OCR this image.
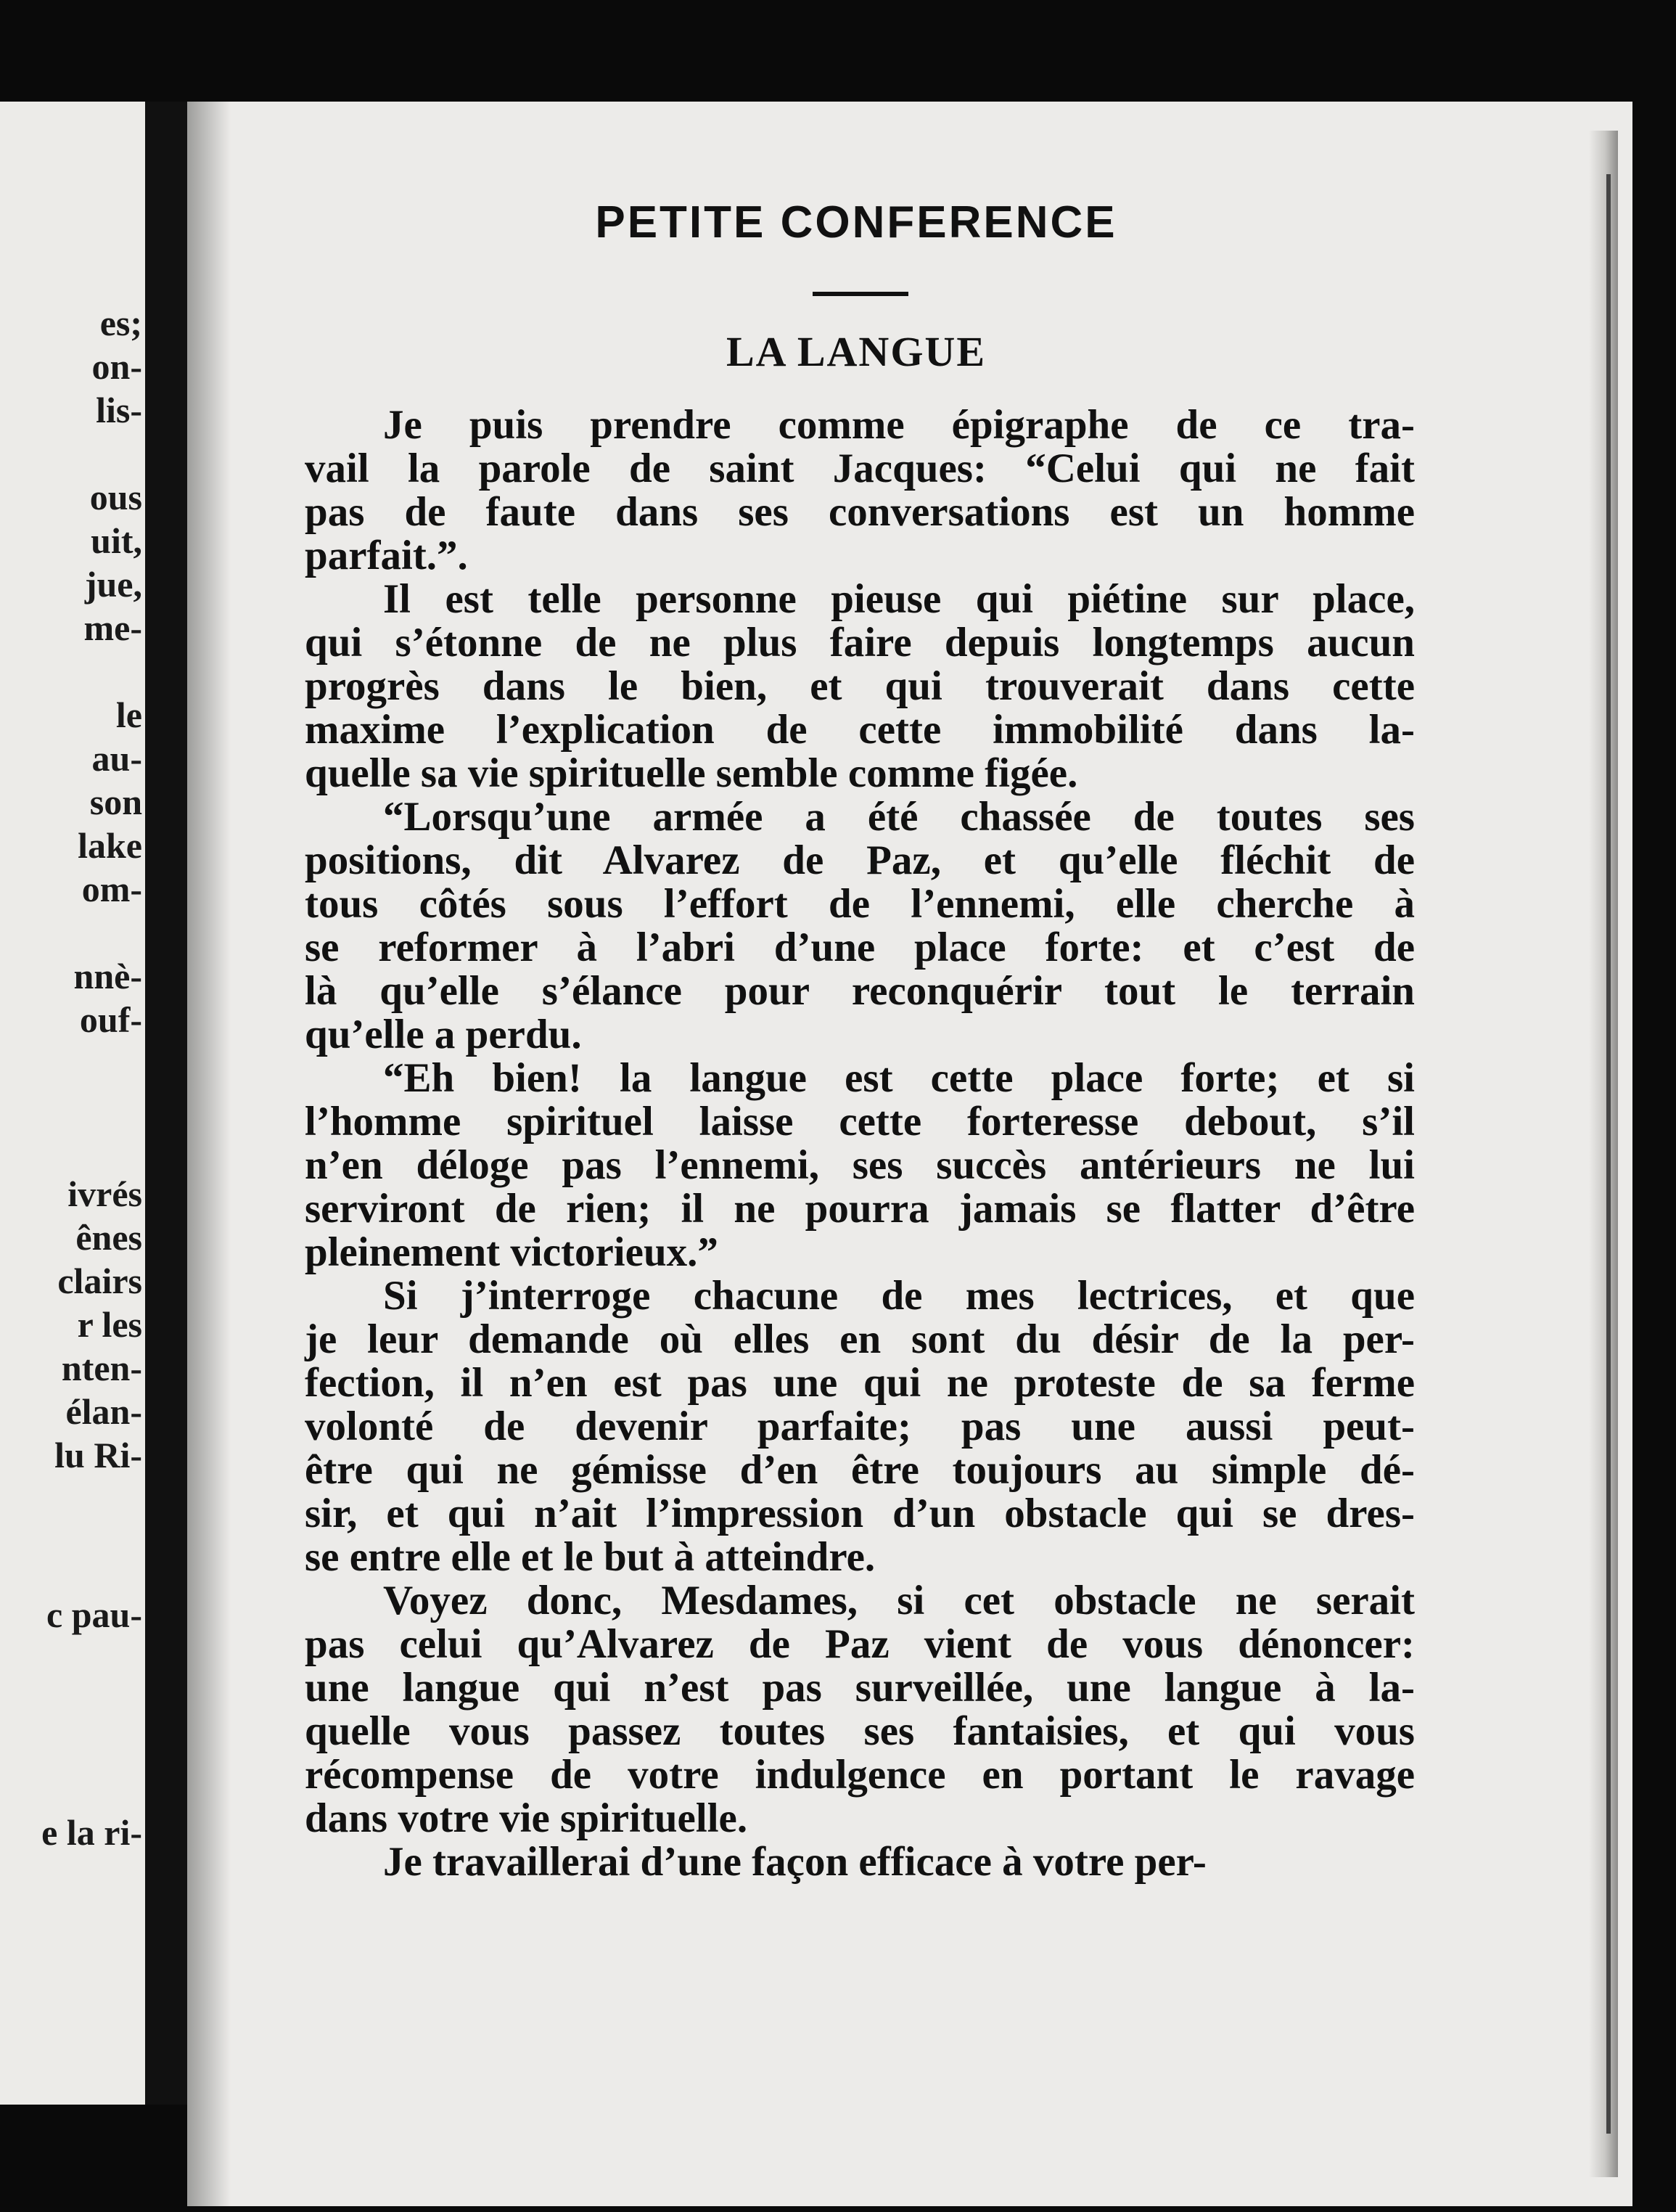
es;
on-
lis-
ous
uit,
jue,
me-
le
au-
son
lake
om-
nnè-
ouf-
ivrés
ênes
clairs
r les
nten-
élan-
lu Ri-
c pau-
e la ri-
PETITE CONFERENCE
LA LANGUE
Je puis prendre comme épigraphe de ce tra-
vail la parole de saint Jacques: “Celui qui ne fait
pas de faute dans ses conversations est un homme
parfait.”.
Il est telle personne pieuse qui piétine sur place,
qui s’étonne de ne plus faire depuis longtemps aucun
progrès dans le bien, et qui trouverait dans cette
maxime l’explication de cette immobilité dans la-
quelle sa vie spirituelle semble comme figée.
“Lorsqu’une armée a été chassée de toutes ses
positions, dit Alvarez de Paz, et qu’elle fléchit de
tous côtés sous l’effort de l’ennemi, elle cherche à
se reformer à l’abri d’une place forte: et c’est de
là qu’elle s’élance pour reconquérir tout le terrain
qu’elle a perdu.
“Eh bien! la langue est cette place forte; et si
l’homme spirituel laisse cette forteresse debout, s’il
n’en déloge pas l’ennemi, ses succès antérieurs ne lui
serviront de rien; il ne pourra jamais se flatter d’être
pleinement victorieux.”
Si j’interroge chacune de mes lectrices, et que
je leur demande où elles en sont du désir de la per-
fection, il n’en est pas une qui ne proteste de sa ferme
volonté de devenir parfaite; pas une aussi peut-
être qui ne gémisse d’en être toujours au simple dé-
sir, et qui n’ait l’impression d’un obstacle qui se dres-
se entre elle et le but à atteindre.
Voyez donc, Mesdames, si cet obstacle ne serait
pas celui qu’Alvarez de Paz vient de vous dénoncer:
une langue qui n’est pas surveillée, une langue à la-
quelle vous passez toutes ses fantaisies, et qui vous
récompense de votre indulgence en portant le ravage
dans votre vie spirituelle.
Je travaillerai d’une façon efficace à votre per-
